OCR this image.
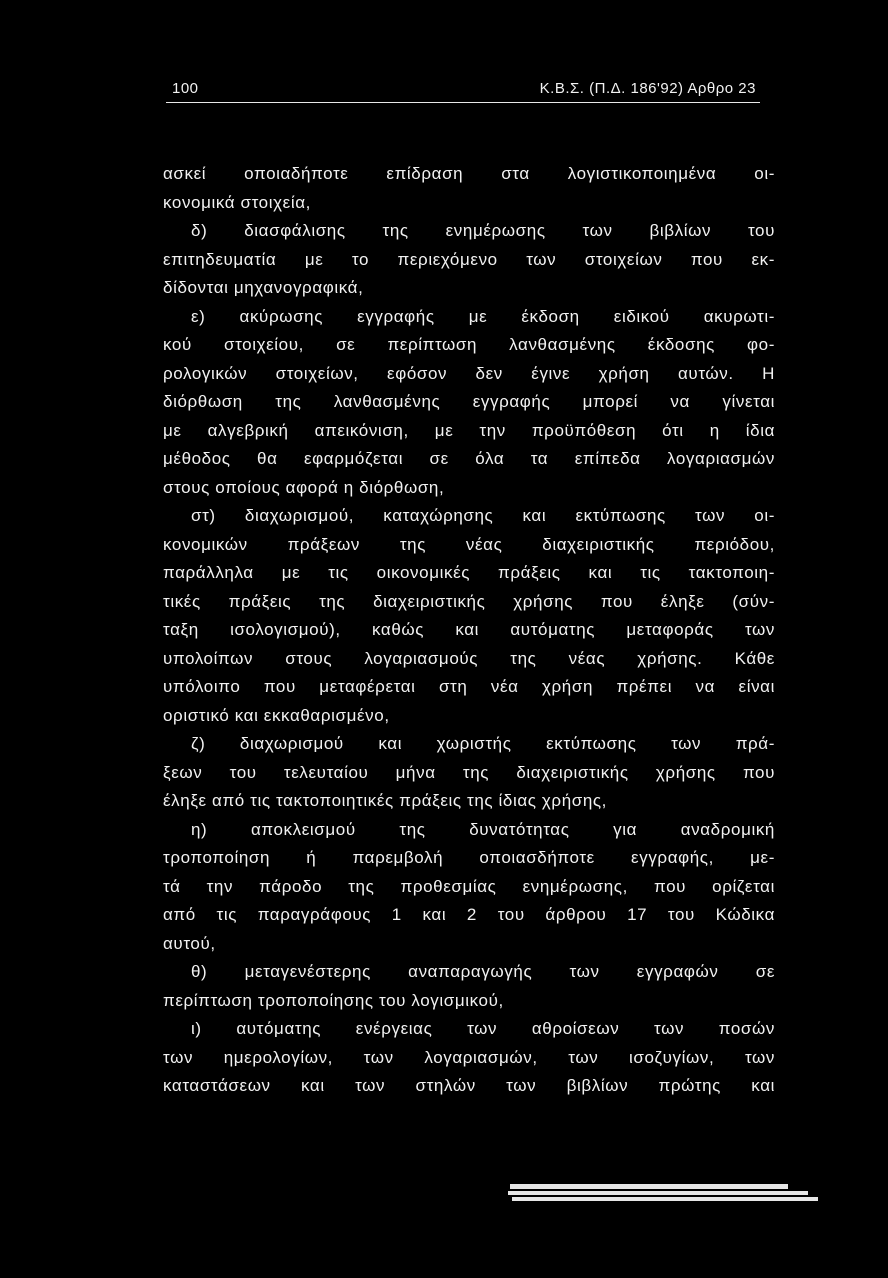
100	Κ.Β.Σ. (Π.Δ. 186'92) Αρθρο 23
ασκεί οποιαδήποτε επίδραση στα λογιστικοποιημένα οι-
κονομικά στοιχεία,
δ) διασφάλισης της ενημέρωσης των βιβλίων του
επιτηδευματία με το περιεχόμενο των στοιχείων που εκ-
δίδονται μηχανογραφικά,
ε) ακύρωσης εγγραφής με έκδοση ειδικού ακυρωτι-
κού στοιχείου, σε περίπτωση λανθασμένης έκδοσης φο-
ρολογικών στοιχείων, εφόσον δεν έγινε χρήση αυτών. Η
διόρθωση της λανθασμένης εγγραφής μπορεί να γίνεται
με αλγεβρική απεικόνιση, με την προϋπόθεση ότι η ίδια
μέθοδος θα εφαρμόζεται σε όλα τα επίπεδα λογαριασμών
στους οποίους αφορά η διόρθωση,
στ) διαχωρισμού, καταχώρησης και εκτύπωσης των οι-
κονομικών πράξεων της νέας διαχειριστικής περιόδου,
παράλληλα με τις οικονομικές πράξεις και τις τακτοποιη-
τικές πράξεις της διαχειριστικής χρήσης που έληξε (σύν-
ταξη ισολογισμού), καθώς και αυτόματης μεταφοράς των
υπολοίπων στους λογαριασμούς της νέας χρήσης. Κάθε
υπόλοιπο που μεταφέρεται στη νέα χρήση πρέπει να είναι
οριστικό και εκκαθαρισμένο,
ζ) διαχωρισμού και χωριστής εκτύπωσης των πρά-
ξεων του τελευταίου μήνα της διαχειριστικής χρήσης που
έληξε από τις τακτοποιητικές πράξεις της ίδιας χρήσης,
η) αποκλεισμού της δυνατότητας για αναδρομική
τροποποίηση ή παρεμβολή οποιασδήποτε εγγραφής, με-
τά την πάροδο της προθεσμίας ενημέρωσης, που ορίζεται
από τις παραγράφους 1 και 2 του άρθρου 17 του Κώδικα
αυτού,
θ) μεταγενέστερης αναπαραγωγής των εγγραφών σε
περίπτωση τροποποίησης του λογισμικού,
ι) αυτόματης ενέργειας των αθροίσεων των ποσών
των ημερολογίων, των λογαριασμών, των ισοζυγίων, των
καταστάσεων και των στηλών των βιβλίων πρώτης και
